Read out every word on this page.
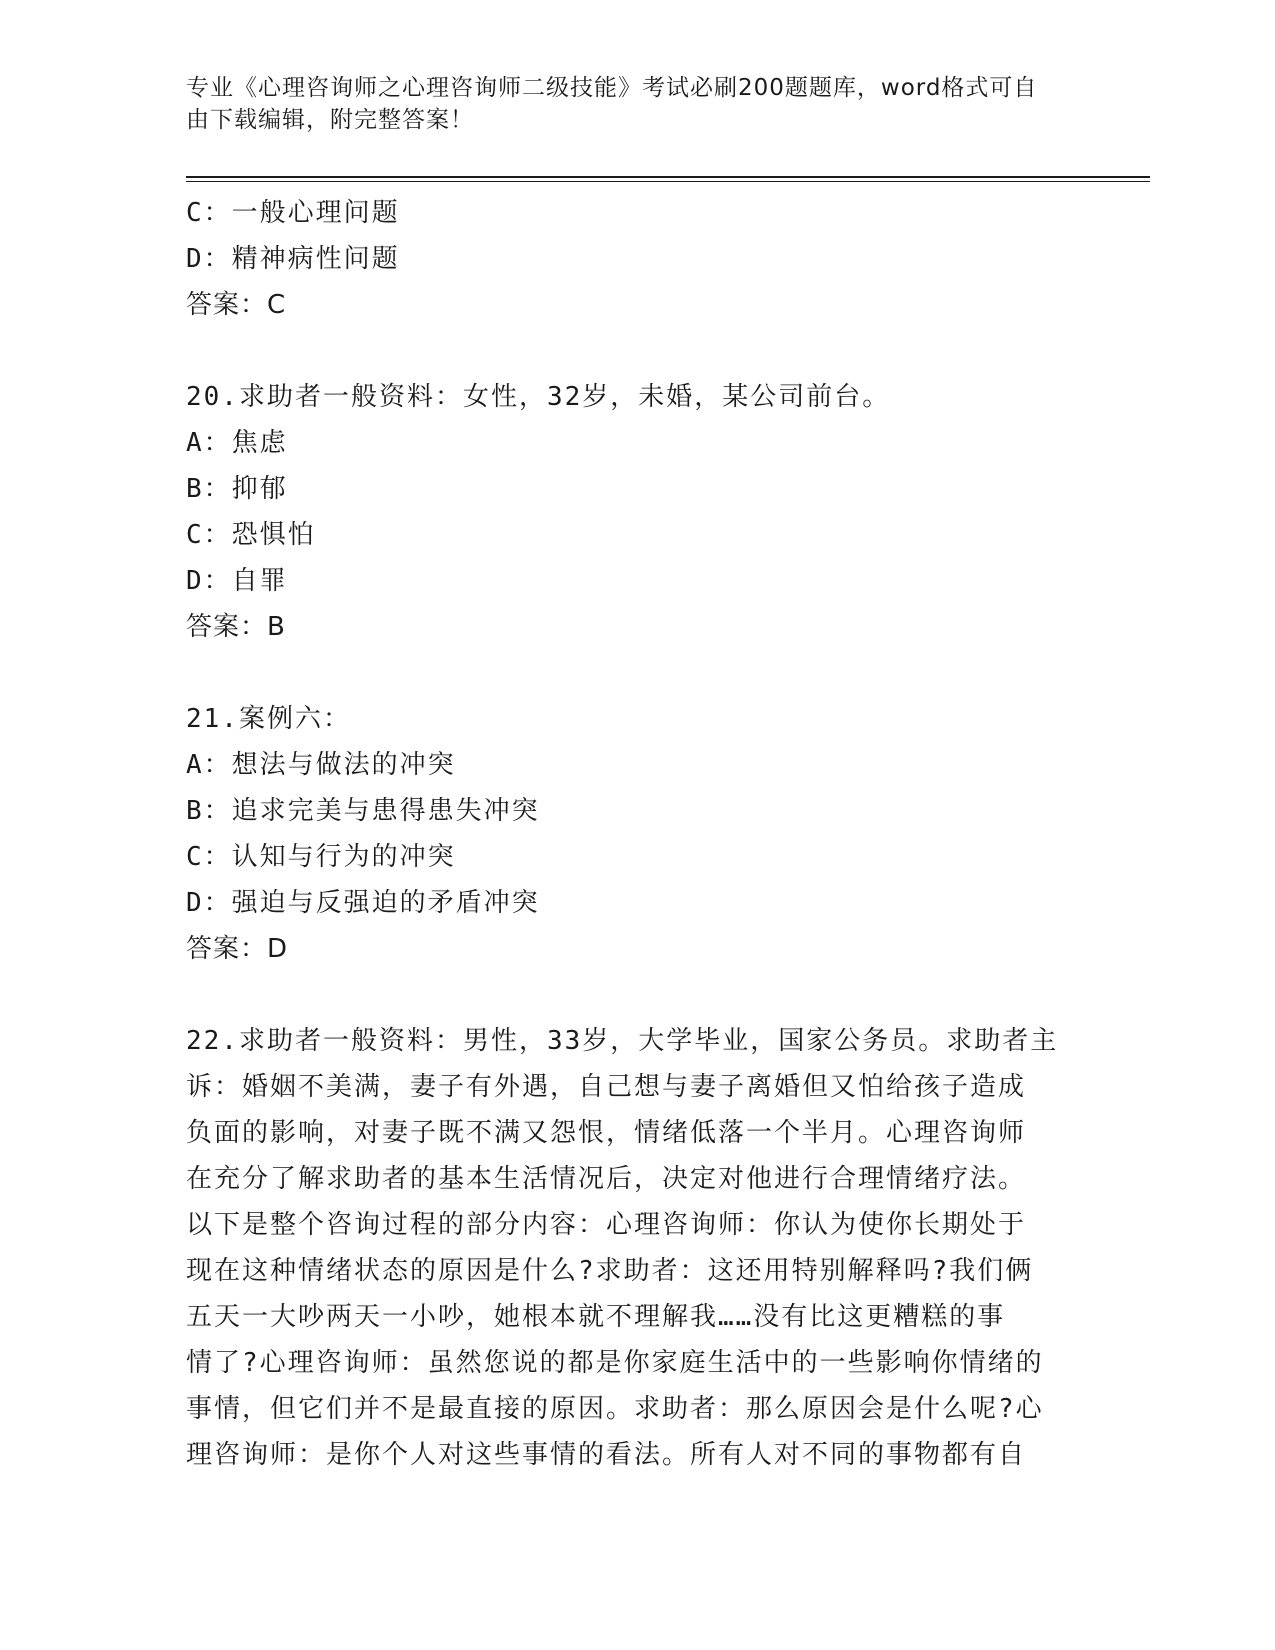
专业《心理咨询师之心理咨询师二级技能》考试必刷200题题库，word格式可自
由下载编辑，附完整答案！
C：一般心理问题
D：精神病性问题
答案：C
20.求助者一般资料：女性，32岁，未婚，某公司前台。
A：焦虑
B：抑郁
C：恐惧怕
D：自罪
答案：B
21.案例六：
A：想法与做法的冲突
B：追求完美与患得患失冲突
C：认知与行为的冲突
D：强迫与反强迫的矛盾冲突
答案：D
22.求助者一般资料：男性，33岁，大学毕业，国家公务员。求助者主
诉：婚姻不美满，妻子有外遇，自己想与妻子离婚但又怕给孩子造成
负面的影响，对妻子既不满又怨恨，情绪低落一个半月。心理咨询师
在充分了解求助者的基本生活情况后，决定对他进行合理情绪疗法。
以下是整个咨询过程的部分内容：心理咨询师：你认为使你长期处于
现在这种情绪状态的原因是什么?求助者：这还用特别解释吗?我们俩
五天一大吵两天一小吵，她根本就不理解我……没有比这更糟糕的事
情了?心理咨询师：虽然您说的都是你家庭生活中的一些影响你情绪的
事情，但它们并不是最直接的原因。求助者：那么原因会是什么呢?心
理咨询师：是你个人对这些事情的看法。所有人对不同的事物都有自
